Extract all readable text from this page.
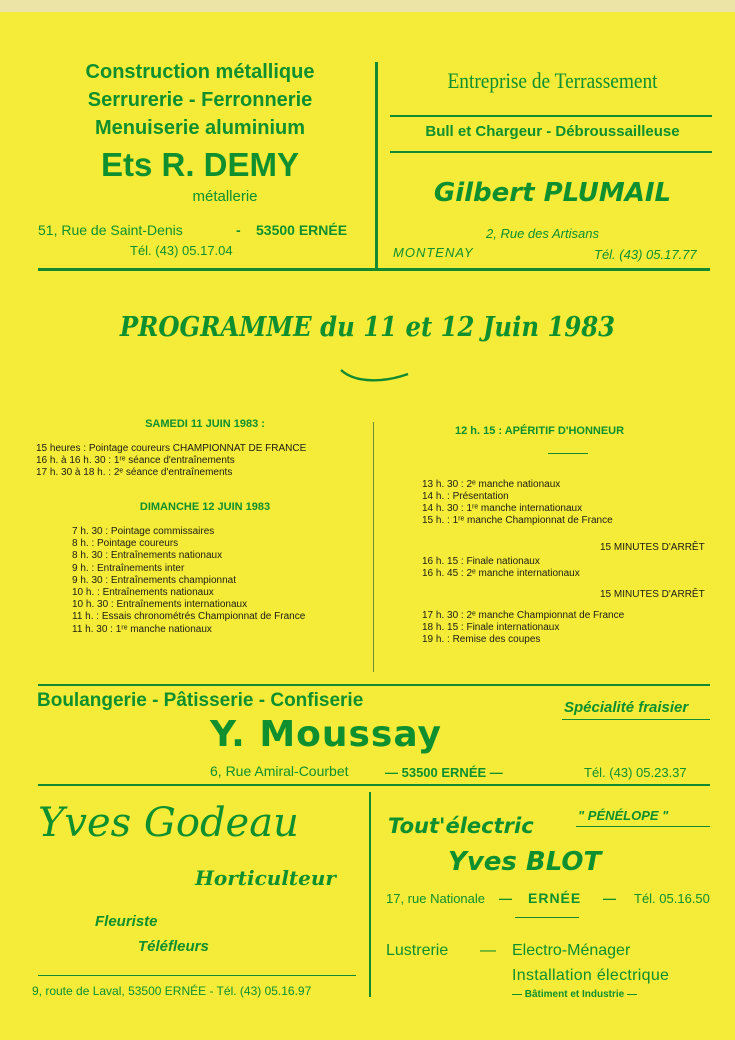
Construction métallique
Serrurerie - Ferronnerie
Menuiserie aluminium
Ets R. DEMY
métallerie
51, Rue de Saint-Denis	- 53500 ERNÉE
Tél. (43) 05.17.04
Entreprise de Terrassement
Bull et Chargeur - Débroussailleuse
Gilbert PLUMAIL
2, Rue des Artisans
MONTENAY	Tél. (43) 05.17.77
PROGRAMME du 11 et 12 Juin 1983
SAMEDI 11 JUIN 1983 :
15 heures : Pointage coureurs CHAMPIONNAT DE FRANCE
16 h. à 16 h. 30 : 1ʳᵉ séance d'entraînements
17 h. 30 à 18 h. : 2ᵉ séance d'entraînements
DIMANCHE 12 JUIN 1983
7 h. 30 : Pointage commissaires
8 h. : Pointage coureurs
8 h. 30 : Entraînements nationaux
9 h. : Entraînements inter
9 h. 30 : Entraînements championnat
10 h. : Entraînements nationaux
10 h. 30 : Entraînements internationaux
11 h. : Essais chronométrés Championnat de France
11 h. 30 : 1ʳᵉ manche nationaux
12 h. 15 : APÉRITIF D'HONNEUR
13 h. 30 : 2ᵉ manche nationaux
14 h. : Présentation
14 h. 30 : 1ʳᵉ manche internationaux
15 h. : 1ʳᵉ manche Championnat de France
15 MINUTES D'ARRÊT
16 h. 15 : Finale nationaux
16 h. 45 : 2ᵉ manche internationaux
15 MINUTES D'ARRÊT
17 h. 30 : 2ᵉ manche Championnat de France
18 h. 15 : Finale internationaux
19 h. : Remise des coupes
Boulangerie - Pâtisserie - Confiserie	Spécialité fraisier
Y. Moussay
6, Rue Amiral-Courbet	— 53500 ERNÉE —	Tél. (43) 05.23.37
Yves Godeau
Horticulteur
Fleuriste
Téléfleurs
9, route de Laval, 53500 ERNÉE - Tél. (43) 05.16.97
" PÉNÉLOPE "
Tout'électric
Yves BLOT
17, rue Nationale — ERNÉE — Tél. 05.16.50
Lustrerie — Electro-Ménager
Installation électrique
— Bâtiment et Industrie —
